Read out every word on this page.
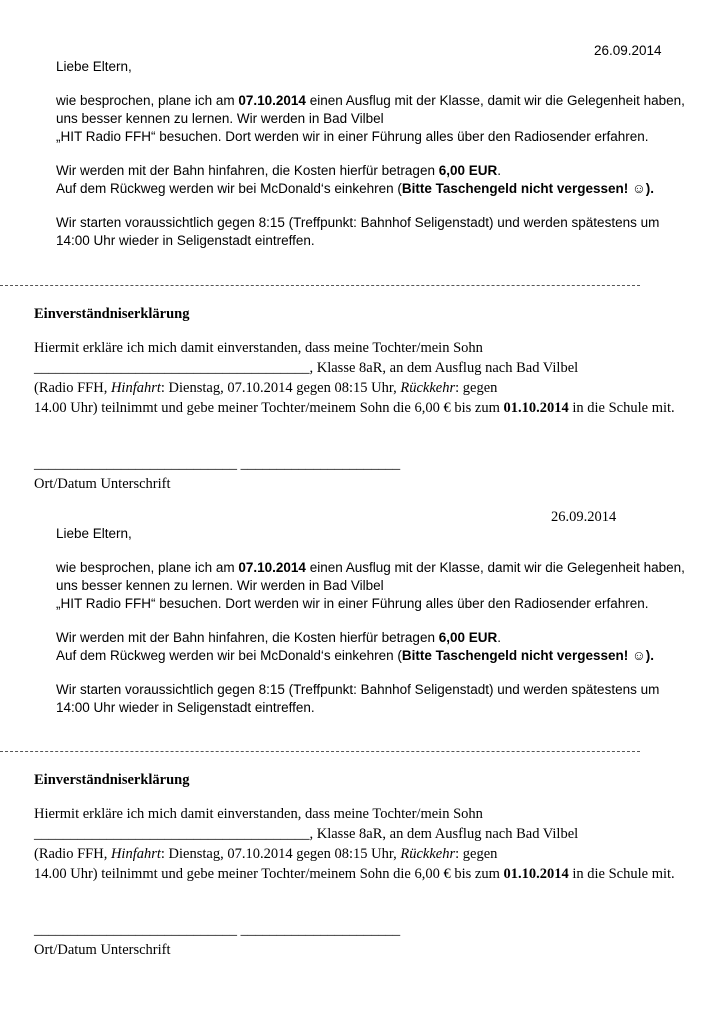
26.09.2014

Liebe Eltern,

wie besprochen, plane ich am 07.10.2014 einen Ausflug mit der Klasse, damit wir die Gelegenheit haben,
uns besser kennen zu lernen. Wir werden in Bad Vilbel
„HIT Radio FFH“ besuchen. Dort werden wir in einer Führung alles über den Radiosender erfahren.

Wir werden mit der Bahn hinfahren, die Kosten hierfür betragen 6,00 EUR.
Auf dem Rückweg werden wir bei McDonald‘s einkehren (Bitte Taschengeld nicht vergessen! ☺).

Wir starten voraussichtlich gegen 8:15 (Treffpunkt: Bahnhof Seligenstadt) und werden spätestens um
14:00 Uhr wieder in Seligenstadt eintreffen.

Einverständniserklärung

Hiermit erkläre ich mich damit einverstanden, dass meine Tochter/mein Sohn

______________________________________, Klasse 8aR, an dem Ausflug nach Bad Vilbel

(Radio FFH, Hinfahrt: Dienstag, 07.10.2014 gegen 08:15 Uhr, Rückkehr: gegen

14.00 Uhr) teilnimmt und gebe meiner Tochter/meinem Sohn die 6,00 € bis zum 01.10.2014 in die Schule mit.

____________________________ ______________________

Ort/Datum Unterschrift

26.09.2014

Liebe Eltern,

wie besprochen, plane ich am 07.10.2014 einen Ausflug mit der Klasse, damit wir die Gelegenheit haben,
uns besser kennen zu lernen. Wir werden in Bad Vilbel
„HIT Radio FFH“ besuchen. Dort werden wir in einer Führung alles über den Radiosender erfahren.

Wir werden mit der Bahn hinfahren, die Kosten hierfür betragen 6,00 EUR.
Auf dem Rückweg werden wir bei McDonald‘s einkehren (Bitte Taschengeld nicht vergessen! ☺).

Wir starten voraussichtlich gegen 8:15 (Treffpunkt: Bahnhof Seligenstadt) und werden spätestens um
14:00 Uhr wieder in Seligenstadt eintreffen.

Einverständniserklärung

Hiermit erkläre ich mich damit einverstanden, dass meine Tochter/mein Sohn

______________________________________, Klasse 8aR, an dem Ausflug nach Bad Vilbel

(Radio FFH, Hinfahrt: Dienstag, 07.10.2014 gegen 08:15 Uhr, Rückkehr: gegen

14.00 Uhr) teilnimmt und gebe meiner Tochter/meinem Sohn die 6,00 € bis zum 01.10.2014 in die Schule mit.

____________________________ ______________________

Ort/Datum Unterschrift
